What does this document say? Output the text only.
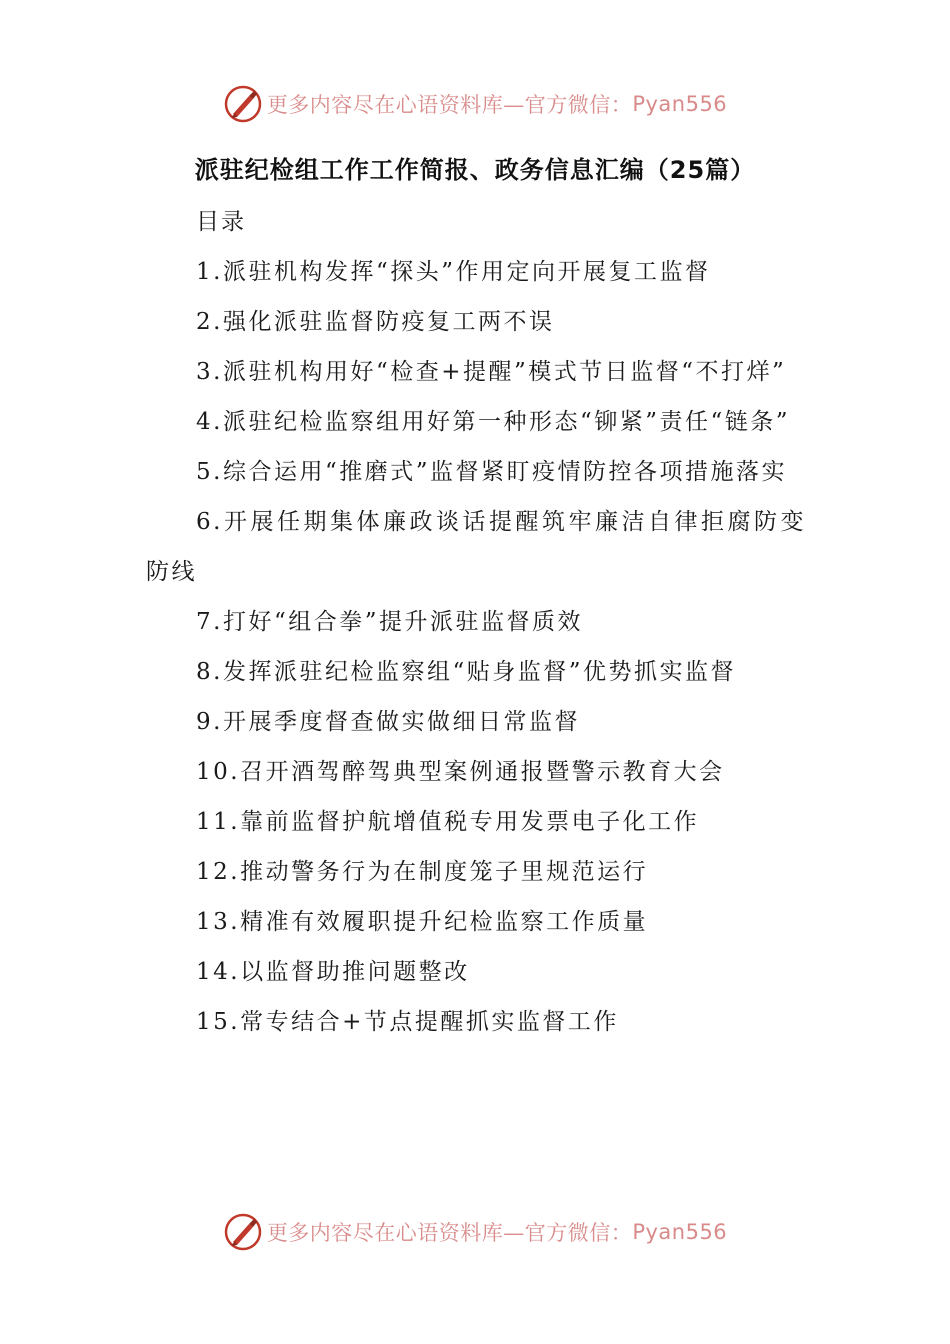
更多内容尽在心语资料库—官方微信： Pyan556
派驻纪检组工作工作简报、政务信息汇编（25篇）
目录
1.派驻机构发挥“探头”作用定向开展复工监督
2.强化派驻监督防疫复工两不误
3.派驻机构用好“检查+提醒”模式节日监督“不打烊”
4.派驻纪检监察组用好第一种形态“铆紧”责任“链条”
5.综合运用“推磨式”监督紧盯疫情防控各项措施落实
6.开展任期集体廉政谈话提醒筑牢廉洁自律拒腐防变防线
7.打好“组合拳”提升派驻监督质效
8.发挥派驻纪检监察组“贴身监督”优势抓实监督
9.开展季度督查做实做细日常监督
10.召开酒驾醉驾典型案例通报暨警示教育大会
11.靠前监督护航增值税专用发票电子化工作
12.推动警务行为在制度笼子里规范运行
13.精准有效履职提升纪检监察工作质量
14.以监督助推问题整改
15.常专结合+节点提醒抓实监督工作
更多内容尽在心语资料库—官方微信： Pyan556
